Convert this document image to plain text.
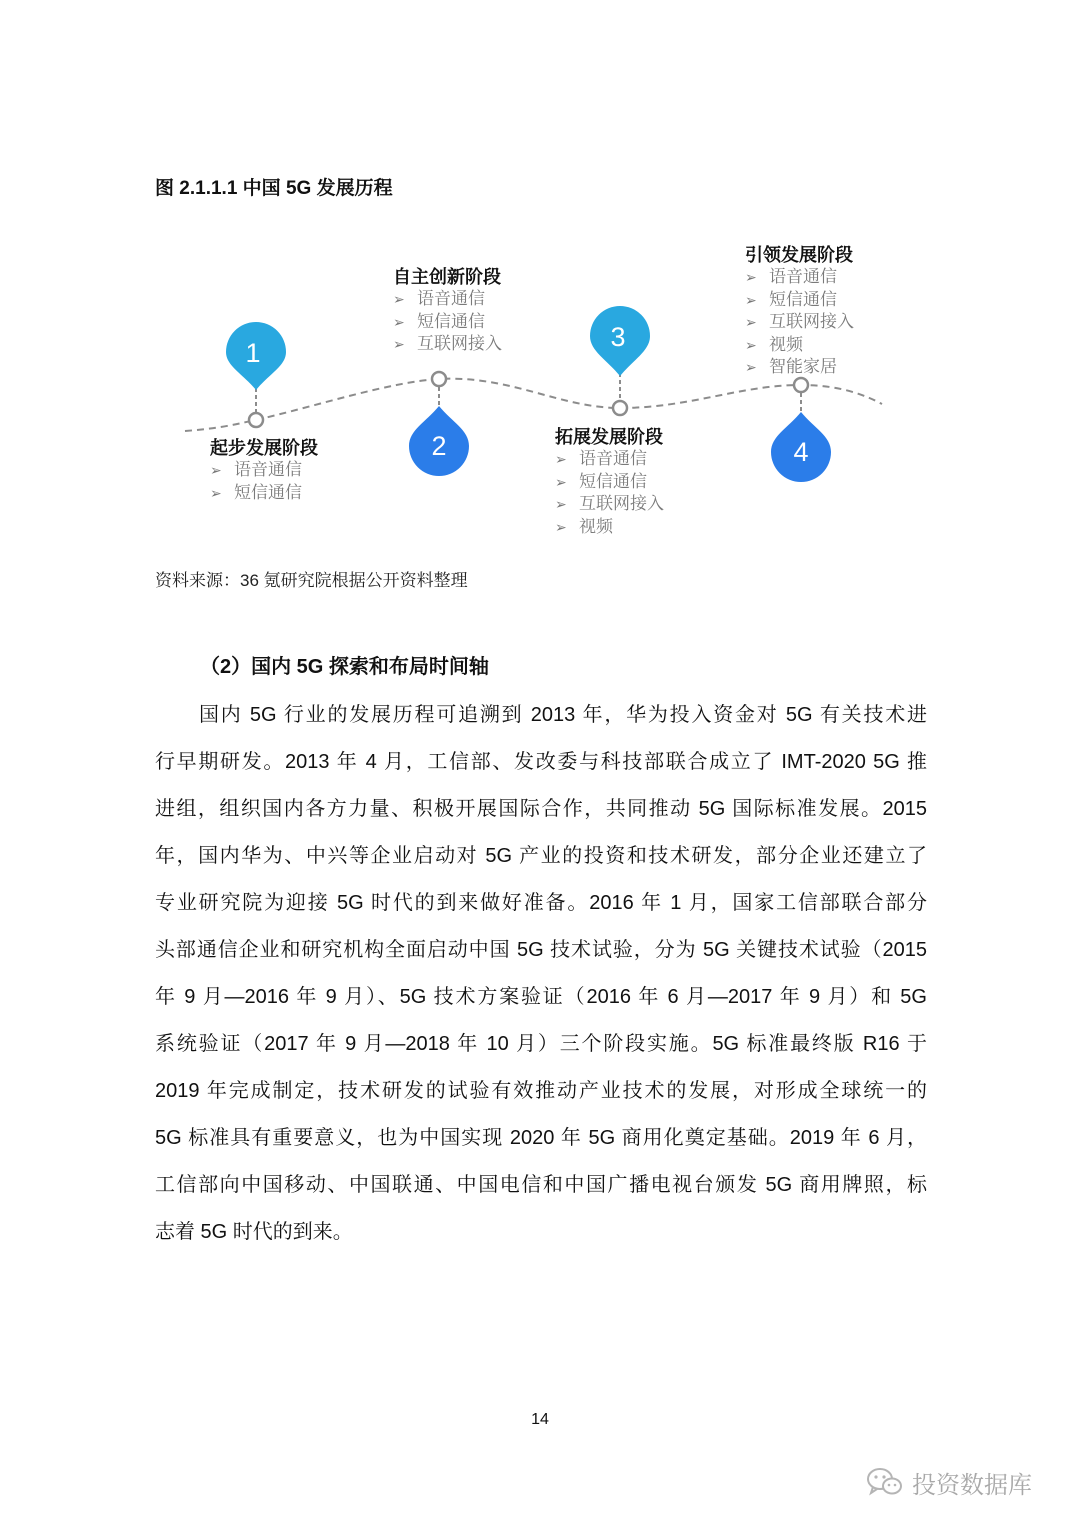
图 2.1.1.1 中国 5G 发展历程
1
2
3
4
起步发展阶段
➢ 语音通信
➢ 短信通信
自主创新阶段
➢ 语音通信
➢ 短信通信
➢ 互联网接入
拓展发展阶段
➢ 语音通信
➢ 短信通信
➢ 互联网接入
➢ 视频
引领发展阶段
➢ 语音通信
➢ 短信通信
➢ 互联网接入
➢ 视频
➢ 智能家居
资料来源：36 氪研究院根据公开资料整理
（2）国内 5G 探索和布局时间轴
国内 5G 行业的发展历程可追溯到 2013 年，华为投入资金对 5G 有关技术进
行早期研发。2013 年 4 月，工信部、发改委与科技部联合成立了 IMT-2020 5G 推
进组，组织国内各方力量、积极开展国际合作，共同推动 5G 国际标准发展。2015
年，国内华为、中兴等企业启动对 5G 产业的投资和技术研发，部分企业还建立了
专业研究院为迎接 5G 时代的到来做好准备。2016 年 1 月，国家工信部联合部分
头部通信企业和研究机构全面启动中国 5G 技术试验，分为 5G 关键技术试验（2015
年 9 月—2016 年 9 月）、5G 技术方案验证（2016 年 6 月—2017 年 9 月）和 5G
系统验证（2017 年 9 月—2018 年 10 月）三个阶段实施。5G 标准最终版 R16 于
2019 年完成制定，技术研发的试验有效推动产业技术的发展，对形成全球统一的
5G 标准具有重要意义，也为中国实现 2020 年 5G 商用化奠定基础。2019 年 6 月，
工信部向中国移动、中国联通、中国电信和中国广播电视台颁发 5G 商用牌照，标
志着 5G 时代的到来。
14
投资数据库
